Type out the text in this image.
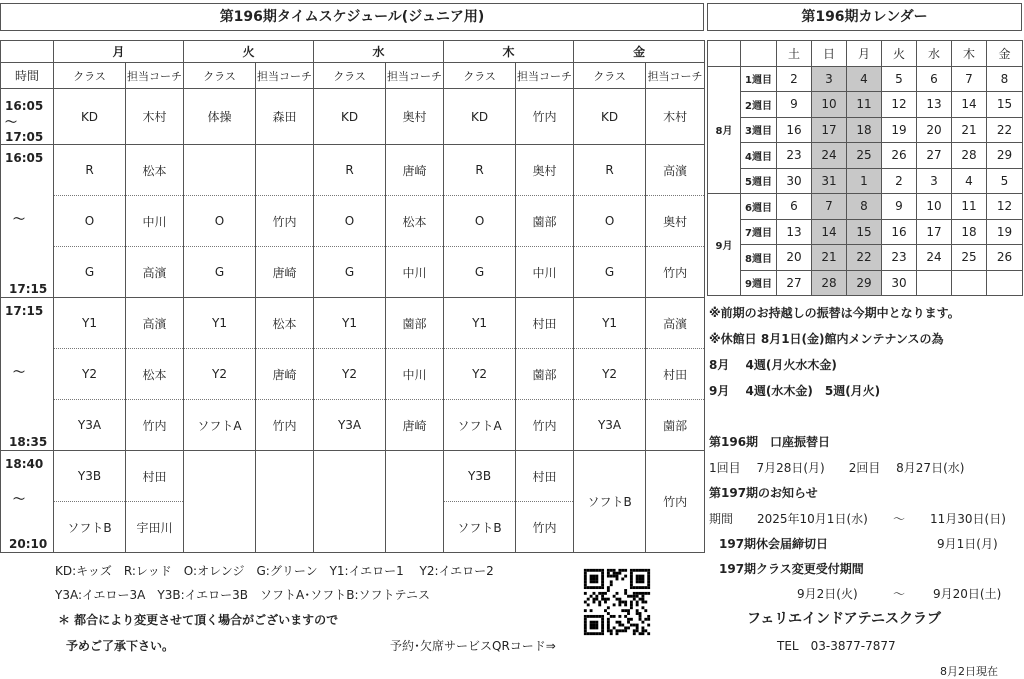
第196期タイムスケジュール(ジュニア用)	第196期カレンダー
	月		火		水		木		金	
時間	クラス	担当コーチ	クラス	担当コーチ	クラス	担当コーチ	クラス	担当コーチ	クラス	担当コーチ

16:05
〜17:05	KD	木村	体操	森田	KD	奥村	KD	竹内	KD	木村

16:05
〜
17:15	R	松本			R	唐崎	R	奥村	R	高濱
	O	中川	O	竹内	O	松本	O	薗部	O	奥村
	G	高濱	G	唐崎	G	中川	G	中川	G	竹内

17:15
〜
18:35	Y1	高濱	Y1	松本	Y1	薗部	Y1	村田	Y1	高濱
	Y2	松本	Y2	唐崎	Y2	中川	Y2	薗部	Y2	村田
	Y3A	竹内	ソフトA	竹内	Y3A	唐崎	ソフトA	竹内	Y3A	薗部

18:40
〜
20:10	Y3B	村田					Y3B	村田	ソフトB	竹内
	ソフトB	宇田川					ソフトB	竹内		
		土	日	月	火	水	木	金
8月	1週目	2	3	4	5	6	7	8
	2週目	9	10	11	12	13	14	15
	3週目	16	17	18	19	20	21	22
	4週目	23	24	25	26	27	28	29
	5週目	30	31	1	2	3	4	5
9月	6週目	6	7	8	9	10	11	12
	7週目	13	14	15	16	17	18	19
	8週目	20	21	22	23	24	25	26
	9週目	27	28	29	30			
※前期のお持越しの振替は今期中となります。
※休館日 8月1日(金)館内メンテナンスの為
8月　 4週(月火水木金)
9月　 4週(水木金)　5週(月火)
第196期　口座振替日
1回目　 7月28日(月)　　2回目　 8月27日(水)
第197期のお知らせ
期間　　2025年10月1日(水) 〜 11月30日(日)
197期休会届締切日	9月1日(月)
197期クラス変更受付期間
9月2日(火)	〜 9月20日(土)
フェリエインドアテニスクラブ
TEL　03-3877-7877
8月2日現在
KD:キッズ　R:レッド　O:オレンジ　G:グリーン　Y1:イエロー1　 Y2:イエロー2
Y3A:イエロー3A　Y3B:イエロー3B　ソフトA･ソフトB:ソフトテニス
＊ 都合により変更させて頂く場合がございますので
予めご了承下さい。	予約･欠席サービスQRコード⇒
